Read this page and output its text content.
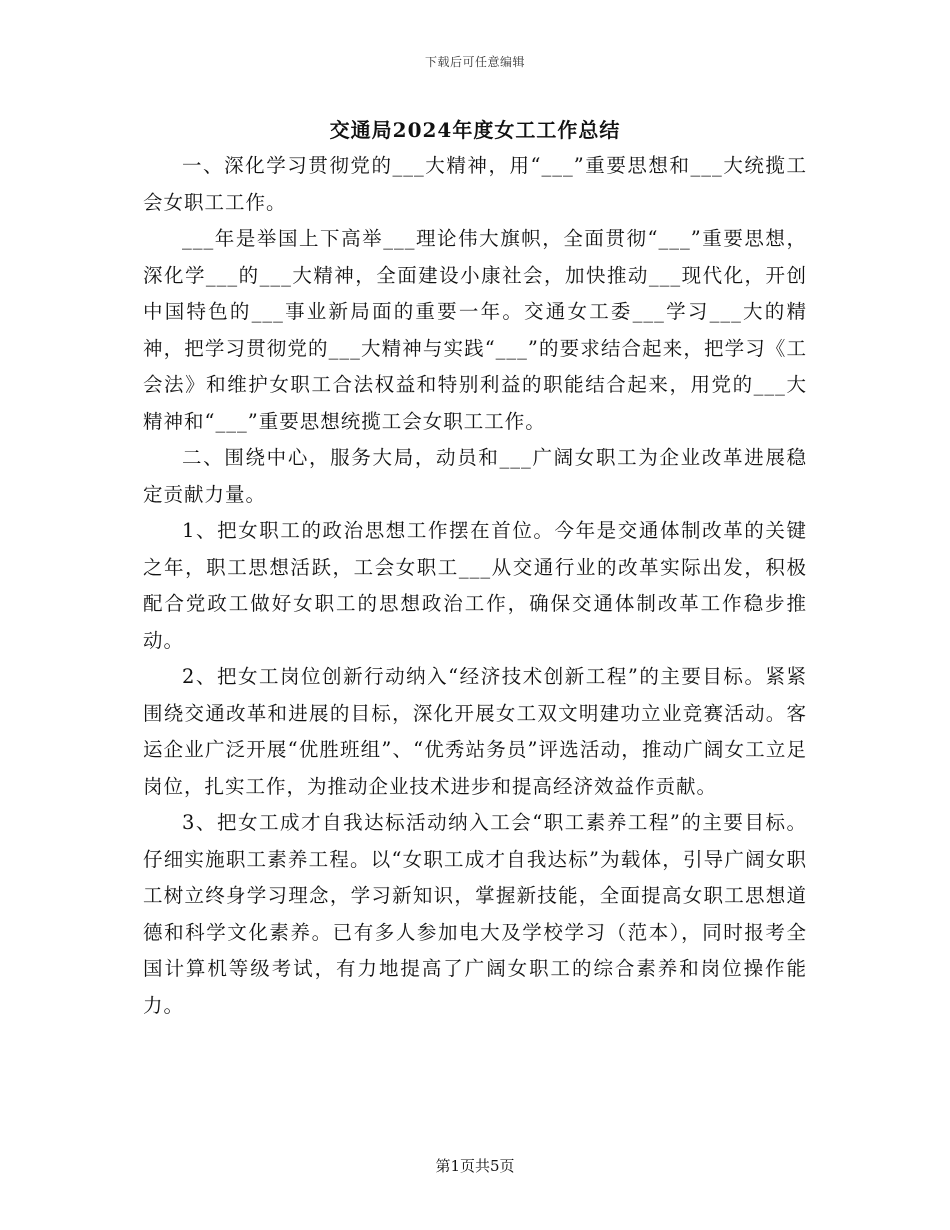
下载后可任意编辑
交通局2024年度女工工作总结

一、深化学习贯彻党的___大精神，用“___”重要思想和___大统揽工会女职工工作。

___年是举国上下高举___理论伟大旗帜，全面贯彻“___”重要思想，深化学___的___大精神，全面建设小康社会，加快推动___现代化，开创中国特色的___事业新局面的重要一年。交通女工委___学习___大的精神，把学习贯彻党的___大精神与实践“___”的要求结合起来，把学习《工会法》和维护女职工合法权益和特别利益的职能结合起来，用党的___大精神和“___”重要思想统揽工会女职工工作。

二、围绕中心，服务大局，动员和___广阔女职工为企业改革进展稳定贡献力量。

1、把女职工的政治思想工作摆在首位。今年是交通体制改革的关键之年，职工思想活跃，工会女职工___从交通行业的改革实际出发，积极配合党政工做好女职工的思想政治工作，确保交通体制改革工作稳步推动。

2、把女工岗位创新行动纳入“经济技术创新工程”的主要目标。紧紧围绕交通改革和进展的目标，深化开展女工双文明建功立业竞赛活动。客运企业广泛开展“优胜班组”、“优秀站务员”评选活动，推动广阔女工立足岗位，扎实工作，为推动企业技术进步和提高经济效益作贡献。

3、把女工成才自我达标活动纳入工会“职工素养工程”的主要目标。仔细实施职工素养工程。以“女职工成才自我达标”为载体，引导广阔女职工树立终身学习理念，学习新知识，掌握新技能，全面提高女职工思想道德和科学文化素养。已有多人参加电大及学校学习（范本），同时报考全国计算机等级考试，有力地提高了广阔女职工的综合素养和岗位操作能力。

第1页共5页
